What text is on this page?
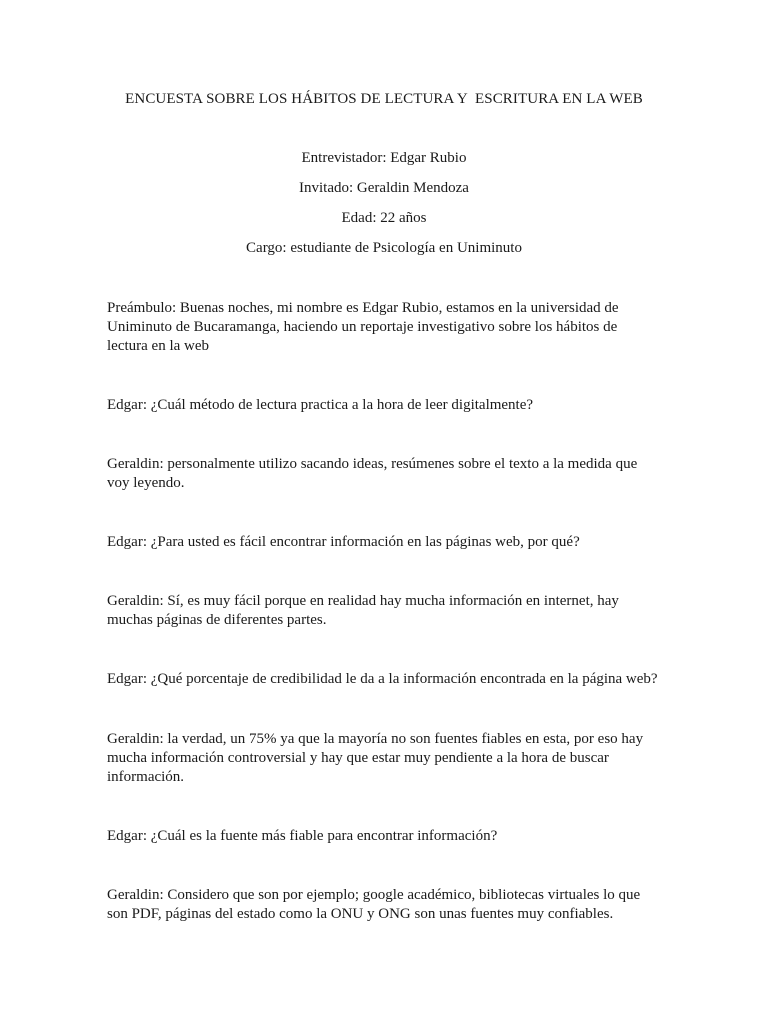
ENCUESTA SOBRE LOS HÁBITOS DE LECTURA Y  ESCRITURA EN LA WEB
Entrevistador: Edgar Rubio
Invitado: Geraldin Mendoza
Edad: 22 años
Cargo: estudiante de Psicología en Uniminuto
Preámbulo: Buenas noches, mi nombre es Edgar Rubio, estamos en la universidad de
Uniminuto de Bucaramanga, haciendo un reportaje investigativo sobre los hábitos de
lectura en la web
Edgar: ¿Cuál método de lectura practica a la hora de leer digitalmente?
Geraldin: personalmente utilizo sacando ideas, resúmenes sobre el texto a la medida que
voy leyendo.
Edgar: ¿Para usted es fácil encontrar información en las páginas web, por qué?
Geraldin: Sí, es muy fácil porque en realidad hay mucha información en internet, hay
muchas páginas de diferentes partes.
Edgar: ¿Qué porcentaje de credibilidad le da a la información encontrada en la página web?
Geraldin: la verdad, un 75% ya que la mayoría no son fuentes fiables en esta, por eso hay
mucha información controversial y hay que estar muy pendiente a la hora de buscar
información.
Edgar: ¿Cuál es la fuente más fiable para encontrar información?
Geraldin: Considero que son por ejemplo; google académico, bibliotecas virtuales lo que
son PDF, páginas del estado como la ONU y ONG son unas fuentes muy confiables.
